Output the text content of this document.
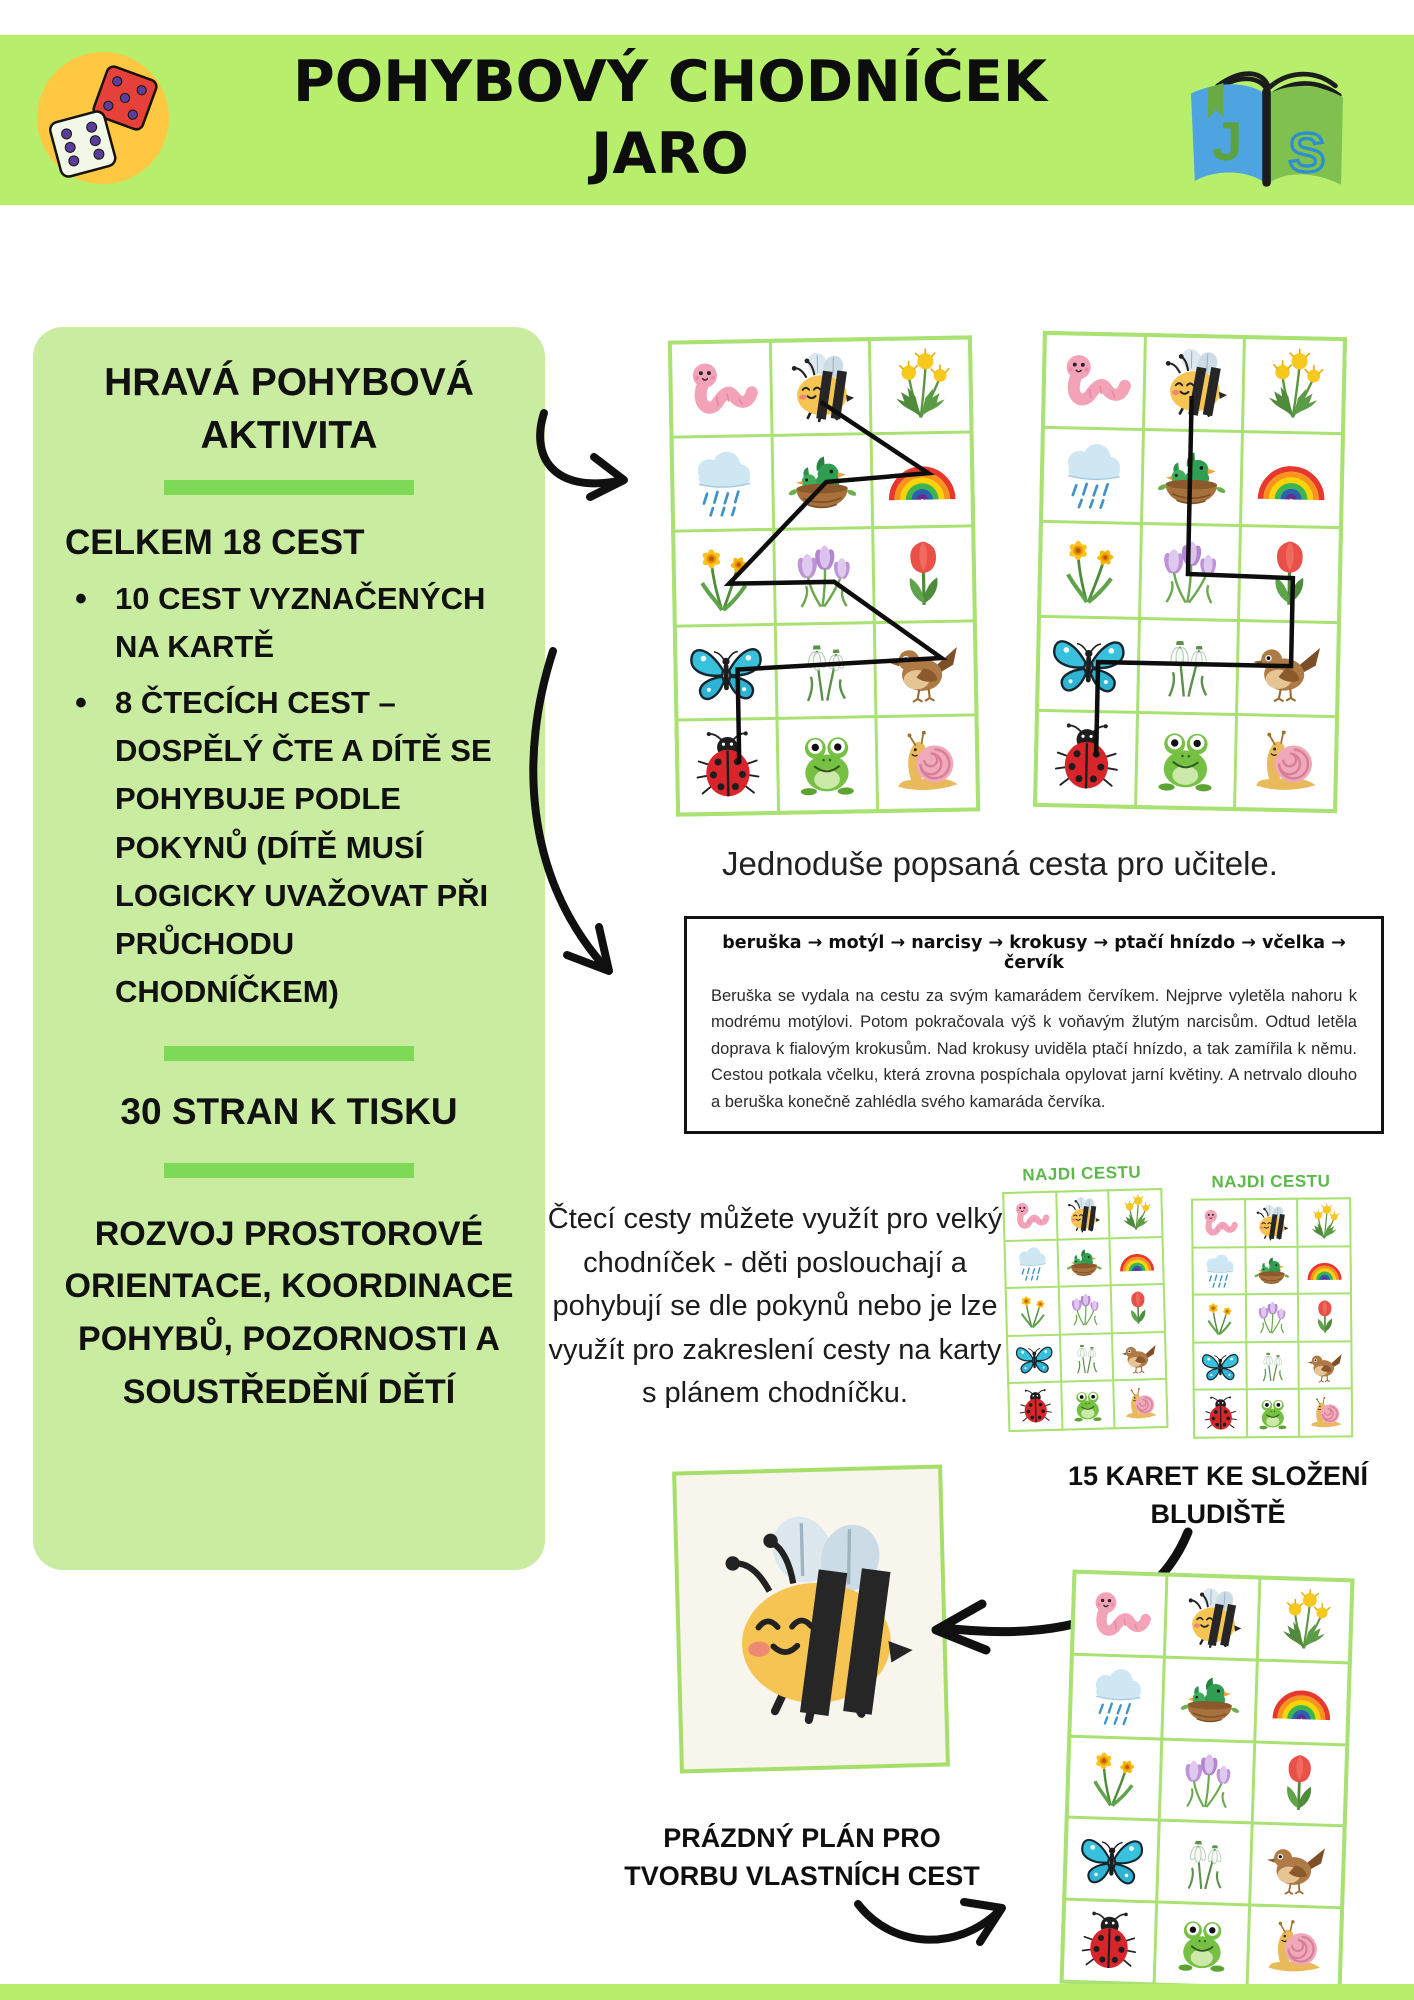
POHYBOVÝ CHODNÍČEK
JARO	J S
HRAVÁ POHYBOVÁ AKTIVITA

CELKEM 18 CEST

• 10 CEST VYZNAČENÝCH NA KARTĚ
• 8 ČTECÍCH CEST – DOSPĚLÝ ČTE A DÍTĚ SE POHYBUJE PODLE POKYNŮ (DÍTĚ MUSÍ LOGICKY UVAŽOVAT PŘI PRŮCHODU CHODNÍČKEM)

30 STRAN K TISKU

ROZVOJ PROSTOROVÉ ORIENTACE, KOORDINACE POHYBŮ, POZORNOSTI A SOUSTŘEDĚNÍ DĚTÍ

Jednoduše popsaná cesta pro učitele.

beruška → motýl → narcisy → krokusy → ptačí hnízdo → včelka → červík

Beruška se vydala na cestu za svým kamarádem červíkem. Nejprve vyletěla nahoru k modrému motýlovi. Potom pokračovala výš k voňavým žlutým narcisům. Odtud letěla doprava k fialovým krokusům. Nad krokusy uviděla ptačí hnízdo, a tak zamířila k němu. Cestou potkala včelku, která zrovna pospíchala opylovat jarní květiny. A netrvalo dlouho a beruška konečně zahlédla svého kamaráda červíka.

Čtecí cesty můžete využít pro velký chodníček - děti poslouchají a pohybují se dle pokynů nebo je lze využít pro zakreslení cesty na karty s plánem chodníčku.
NAJDI CESTU	NAJDI CESTU
15 KARET KE SLOŽENÍ BLUDIŠTĚ
PRÁZDNÝ PLÁN PRO TVORBU VLASTNÍCH CEST
